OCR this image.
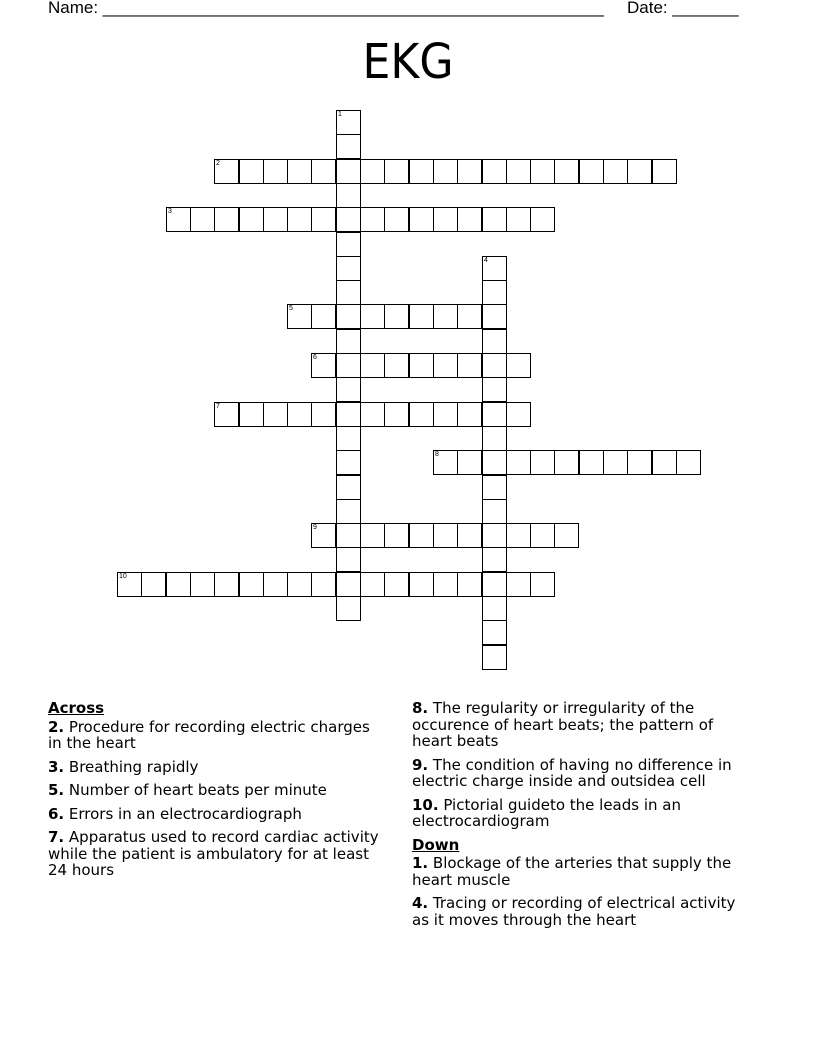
Name: _____________________________________________________ Date: _______
EKG
2
3
5
6
7
8
9
10
1
4
Across
2. Procedure for recording electric charges in the heart
3. Breathing rapidly
5. Number of heart beats per minute
6. Errors in an electrocardiograph
7. Apparatus used to record cardiac activity while the patient is ambulatory for at least 24 hours
8. The regularity or irregularity of the occurence of heart beats; the pattern of heart beats
9. The condition of having no difference in electric charge inside and outsidea cell
10. Pictorial guideto the leads in an electrocardiogram
Down
1. Blockage of the arteries that supply the heart muscle
4. Tracing or recording of electrical activity as it moves through the heart
